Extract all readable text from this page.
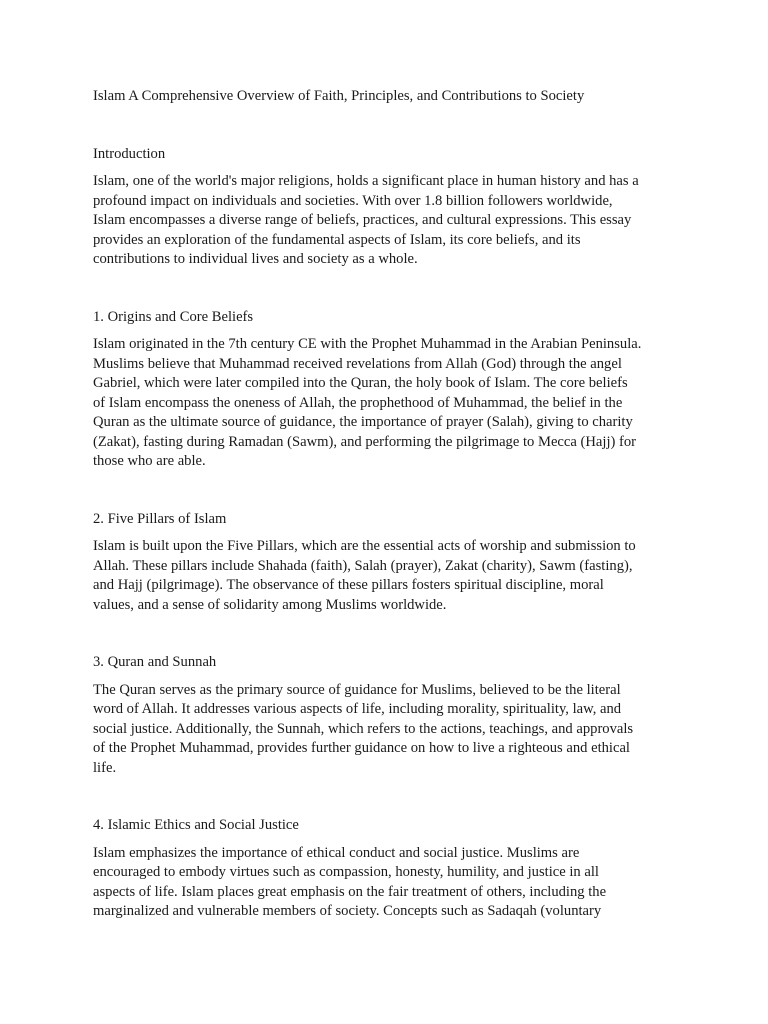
Islam A Comprehensive Overview of Faith, Principles, and Contributions to Society
Introduction

Islam, one of the world's major religions, holds a significant place in human history and has a
profound impact on individuals and societies. With over 1.8 billion followers worldwide,
Islam encompasses a diverse range of beliefs, practices, and cultural expressions. This essay
provides an exploration of the fundamental aspects of Islam, its core beliefs, and its
contributions to individual lives and society as a whole.

1. Origins and Core Beliefs

Islam originated in the 7th century CE with the Prophet Muhammad in the Arabian Peninsula.
Muslims believe that Muhammad received revelations from Allah (God) through the angel
Gabriel, which were later compiled into the Quran, the holy book of Islam. The core beliefs
of Islam encompass the oneness of Allah, the prophethood of Muhammad, the belief in the
Quran as the ultimate source of guidance, the importance of prayer (Salah), giving to charity
(Zakat), fasting during Ramadan (Sawm), and performing the pilgrimage to Mecca (Hajj) for
those who are able.

2. Five Pillars of Islam

Islam is built upon the Five Pillars, which are the essential acts of worship and submission to
Allah. These pillars include Shahada (faith), Salah (prayer), Zakat (charity), Sawm (fasting),
and Hajj (pilgrimage). The observance of these pillars fosters spiritual discipline, moral
values, and a sense of solidarity among Muslims worldwide.

3. Quran and Sunnah

The Quran serves as the primary source of guidance for Muslims, believed to be the literal
word of Allah. It addresses various aspects of life, including morality, spirituality, law, and
social justice. Additionally, the Sunnah, which refers to the actions, teachings, and approvals
of the Prophet Muhammad, provides further guidance on how to live a righteous and ethical
life.

4. Islamic Ethics and Social Justice

Islam emphasizes the importance of ethical conduct and social justice. Muslims are
encouraged to embody virtues such as compassion, honesty, humility, and justice in all
aspects of life. Islam places great emphasis on the fair treatment of others, including the
marginalized and vulnerable members of society. Concepts such as Sadaqah (voluntary
